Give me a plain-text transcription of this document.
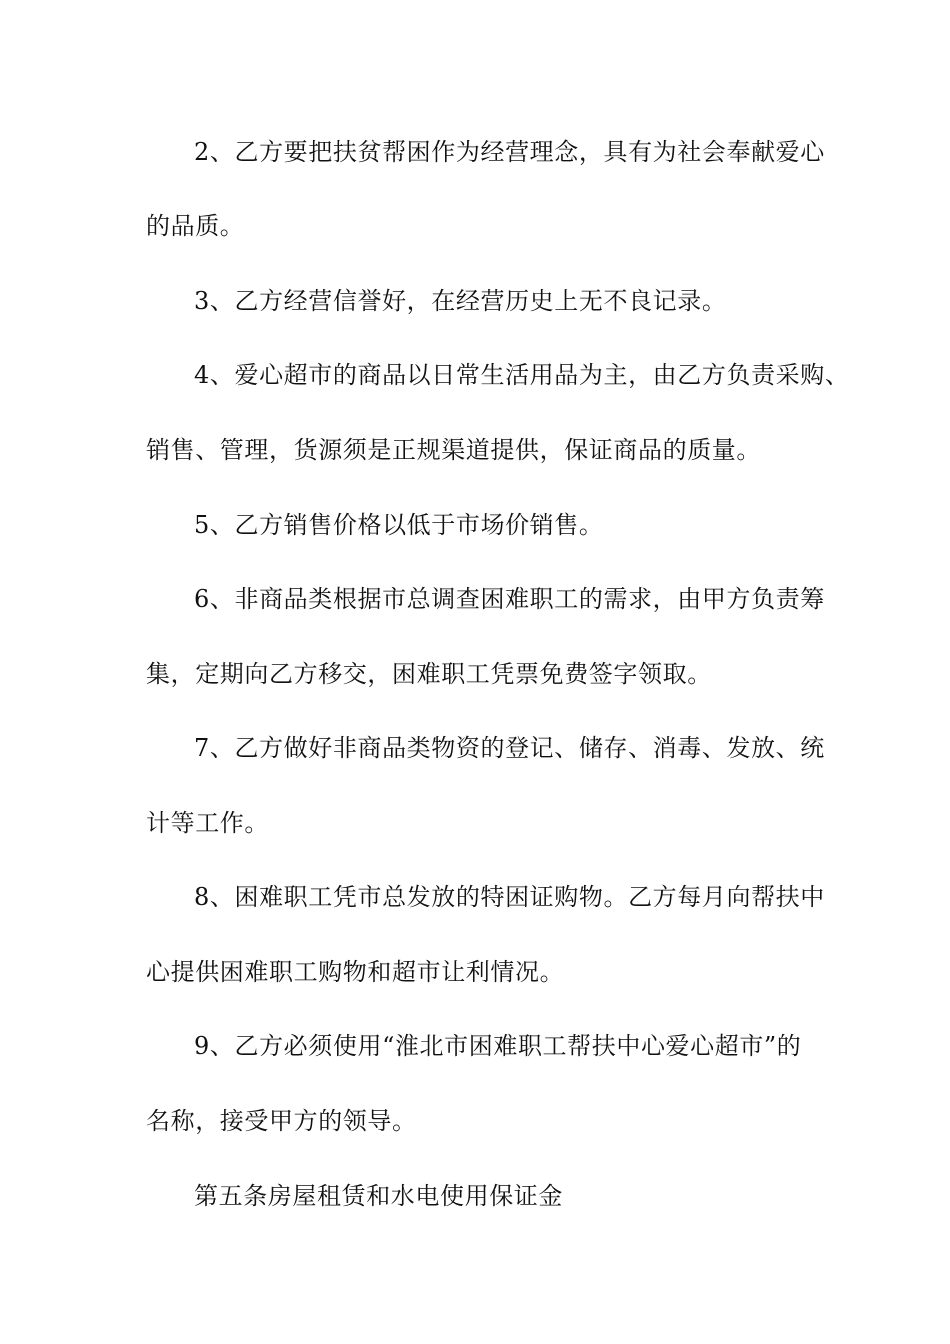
2、乙方要把扶贫帮困作为经营理念，具有为社会奉献爱心
的品质。
3、乙方经营信誉好，在经营历史上无不良记录。
4、爱心超市的商品以日常生活用品为主，由乙方负责采购、
销售、管理，货源须是正规渠道提供，保证商品的质量。
5、乙方销售价格以低于市场价销售。
6、非商品类根据市总调查困难职工的需求，由甲方负责筹
集，定期向乙方移交，困难职工凭票免费签字领取。
7、乙方做好非商品类物资的登记、储存、消毒、发放、统
计等工作。
8、困难职工凭市总发放的特困证购物。乙方每月向帮扶中
心提供困难职工购物和超市让利情况。
9、乙方必须使用“淮北市困难职工帮扶中心爱心超市”的
名称，接受甲方的领导。
第五条房屋租赁和水电使用保证金
